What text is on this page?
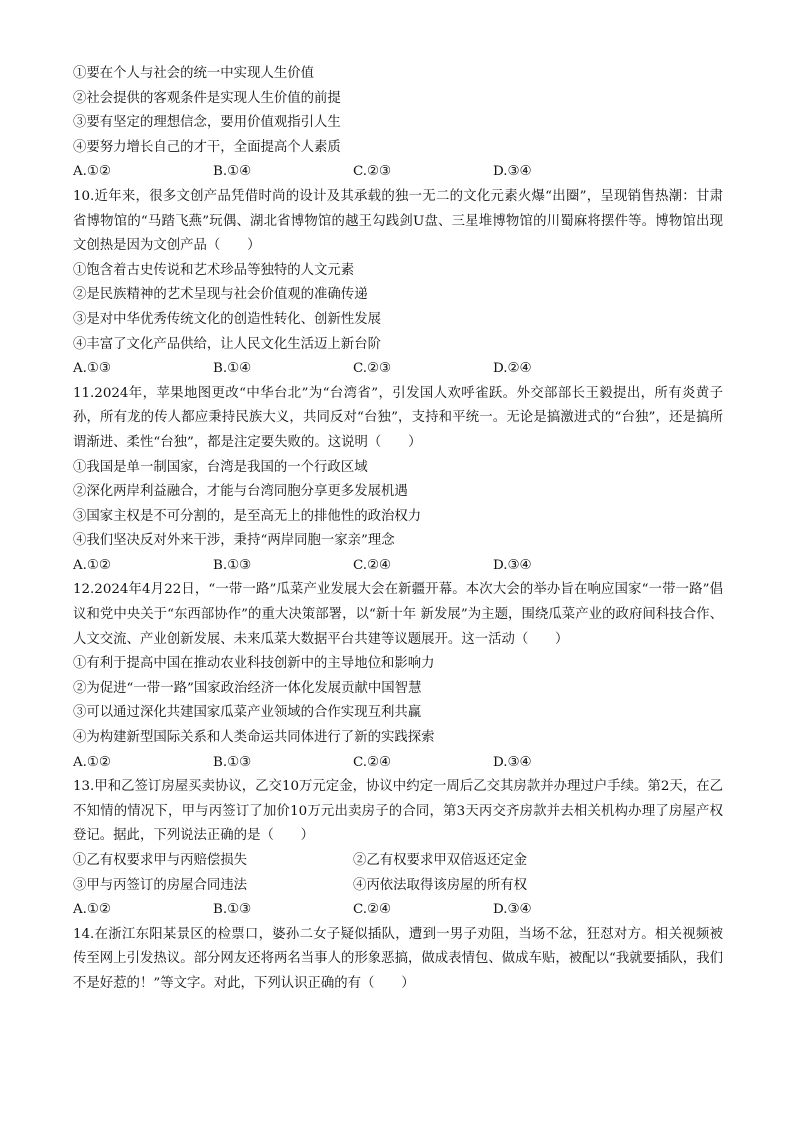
①要在个人与社会的统一中实现人生价值
②社会提供的客观条件是实现人生价值的前提
③要有坚定的理想信念，要用价值观指引人生
④要努力增长自己的才干，全面提高个人素质
A.①②	B.①④	C.②③	D.③④
10.近年来，很多文创产品凭借时尚的设计及其承载的独一无二的文化元素火爆“出圈”，呈现销售热潮：甘肃省博物馆的“马踏飞燕”玩偶、湖北省博物馆的越王勾践剑U盘、三星堆博物馆的川蜀麻将摆件等。博物馆出现文创热是因为文创产品（　　）
①饱含着古史传说和艺术珍品等独特的人文元素
②是民族精神的艺术呈现与社会价值观的准确传递
③是对中华优秀传统文化的创造性转化、创新性发展
④丰富了文化产品供给，让人民文化生活迈上新台阶
A.①③	B.①④	C.②③	D.②④
11.2024年，苹果地图更改“中华台北”为“台湾省”，引发国人欢呼雀跃。外交部部长王毅提出，所有炎黄子孙，所有龙的传人都应秉持民族大义，共同反对“台独”，支持和平统一。无论是搞激进式的“台独”，还是搞所谓渐进、柔性“台独”，都是注定要失败的。这说明（　　）
①我国是单一制国家，台湾是我国的一个行政区域
②深化两岸利益融合，才能与台湾同胞分享更多发展机遇
③国家主权是不可分割的，是至高无上的排他性的政治权力
④我们坚决反对外来干涉，秉持“两岸同胞一家亲”理念
A.①②	B.①③	C.②④	D.③④
12.2024年4月22日，“一带一路”瓜菜产业发展大会在新疆开幕。本次大会的举办旨在响应国家“一带一路”倡议和党中央关于“东西部协作”的重大决策部署，以“新十年 新发展”为主题，围绕瓜菜产业的政府间科技合作、人文交流、产业创新发展、未来瓜菜大数据平台共建等议题展开。这一活动（　　）
①有利于提高中国在推动农业科技创新中的主导地位和影响力
②为促进“一带一路”国家政治经济一体化发展贡献中国智慧
③可以通过深化共建国家瓜菜产业领域的合作实现互利共赢
④为构建新型国际关系和人类命运共同体进行了新的实践探索
A.①②	B.①③	C.②④	D.③④
13.甲和乙签订房屋买卖协议，乙交10万元定金，协议中约定一周后乙交其房款并办理过户手续。第2天，在乙不知情的情况下，甲与丙签订了加价10万元出卖房子的合同，第3天丙交齐房款并去相关机构办理了房屋产权登记。据此，下列说法正确的是（　　）
①乙有权要求甲与丙赔偿损失	②乙有权要求甲双倍返还定金
③甲与丙签订的房屋合同违法	④丙依法取得该房屋的所有权
A.①②	B.①③	C.②④	D.③④
14.在浙江东阳某景区的检票口，婆孙二女子疑似插队，遭到一男子劝阻，当场不忿，狂怼对方。相关视频被传至网上引发热议。部分网友还将两名当事人的形象恶搞，做成表情包、做成车贴，被配以“我就要插队，我们不是好惹的！”等文字。对此，下列认识正确的有（　　）
